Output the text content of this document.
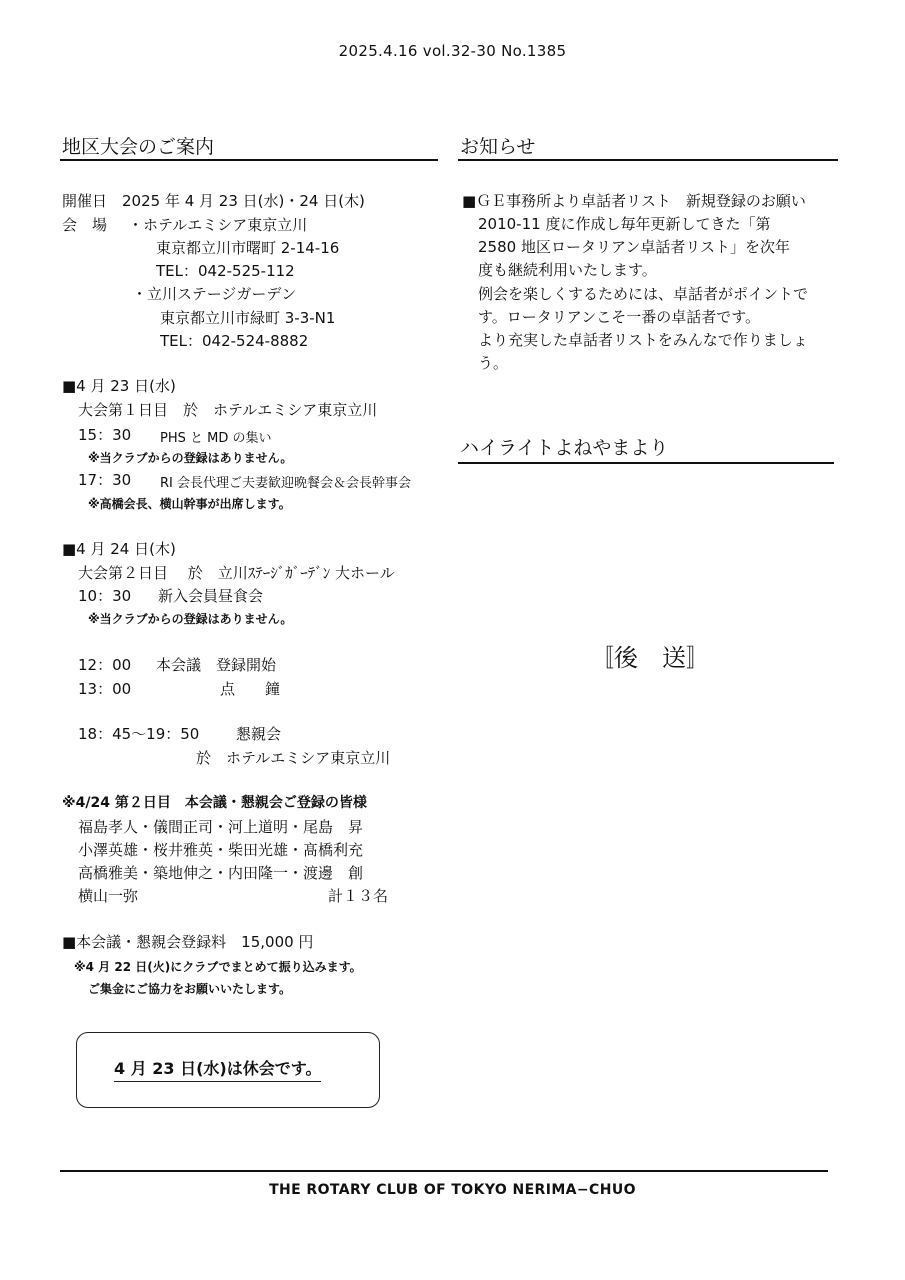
2025.4.16 vol.32-30 No.1385
地区大会のご案内
開催日　2025 年 4 月 23 日(水)・24 日(木)
会　場 ・ホテルエミシア東京立川
東京都立川市曙町 2-14-16
TEL：042-525-112
・立川ステージガーデン
東京都立川市緑町 3-3-N1
TEL：042-524-8882
■4 月 23 日(水)
大会第１日目　於　ホテルエミシア東京立川
15：30 PHS と MD の集い
※当クラブからの登録はありません。
17：30 RI 会長代理ご夫妻歓迎晩餐会＆会長幹事会
※高橋会長、横山幹事が出席します。
■4 月 24 日(木)
大会第２日目　 於　立川ｽﾃｰｼﾞｶﾞｰﾃﾞﾝ 大ホール
10：30 新入会員昼食会
※当クラブからの登録はありません。
12：00 本会議　登録開始
13：00	点　　鐘
18：45〜19：50 懇親会
於　ホテルエミシア東京立川
※4/24 第２日目　本会議・懇親会ご登録の皆様
福島孝人・儀間正司・河上道明・尾島　昇
小澤英雄・桜井雅英・柴田光雄・髙橋利充
高橋雅美・築地伸之・内田隆一・渡邊　創
横山一弥	計１３名
■本会議・懇親会登録料　15,000 円
※4 月 22 日(火)にクラブでまとめて振り込みます。
ご集金にご協力をお願いいたします。
4 月 23 日(水)は休会です。
お知らせ
■ＧＥ事務所より卓話者リスト　新規登録のお願い
2010-11 度に作成し毎年更新してきた「第
2580 地区ロータリアン卓話者リスト」を次年
度も継続利用いたします。
例会を楽しくするためには、卓話者がポイントで
す。ロータリアンこそ一番の卓話者です。
より充実した卓話者リストをみんなで作りましょ
う。
ハイライトよねやまより
〚後　送〛
THE ROTARY CLUB OF TOKYO NERIMA−CHUO
